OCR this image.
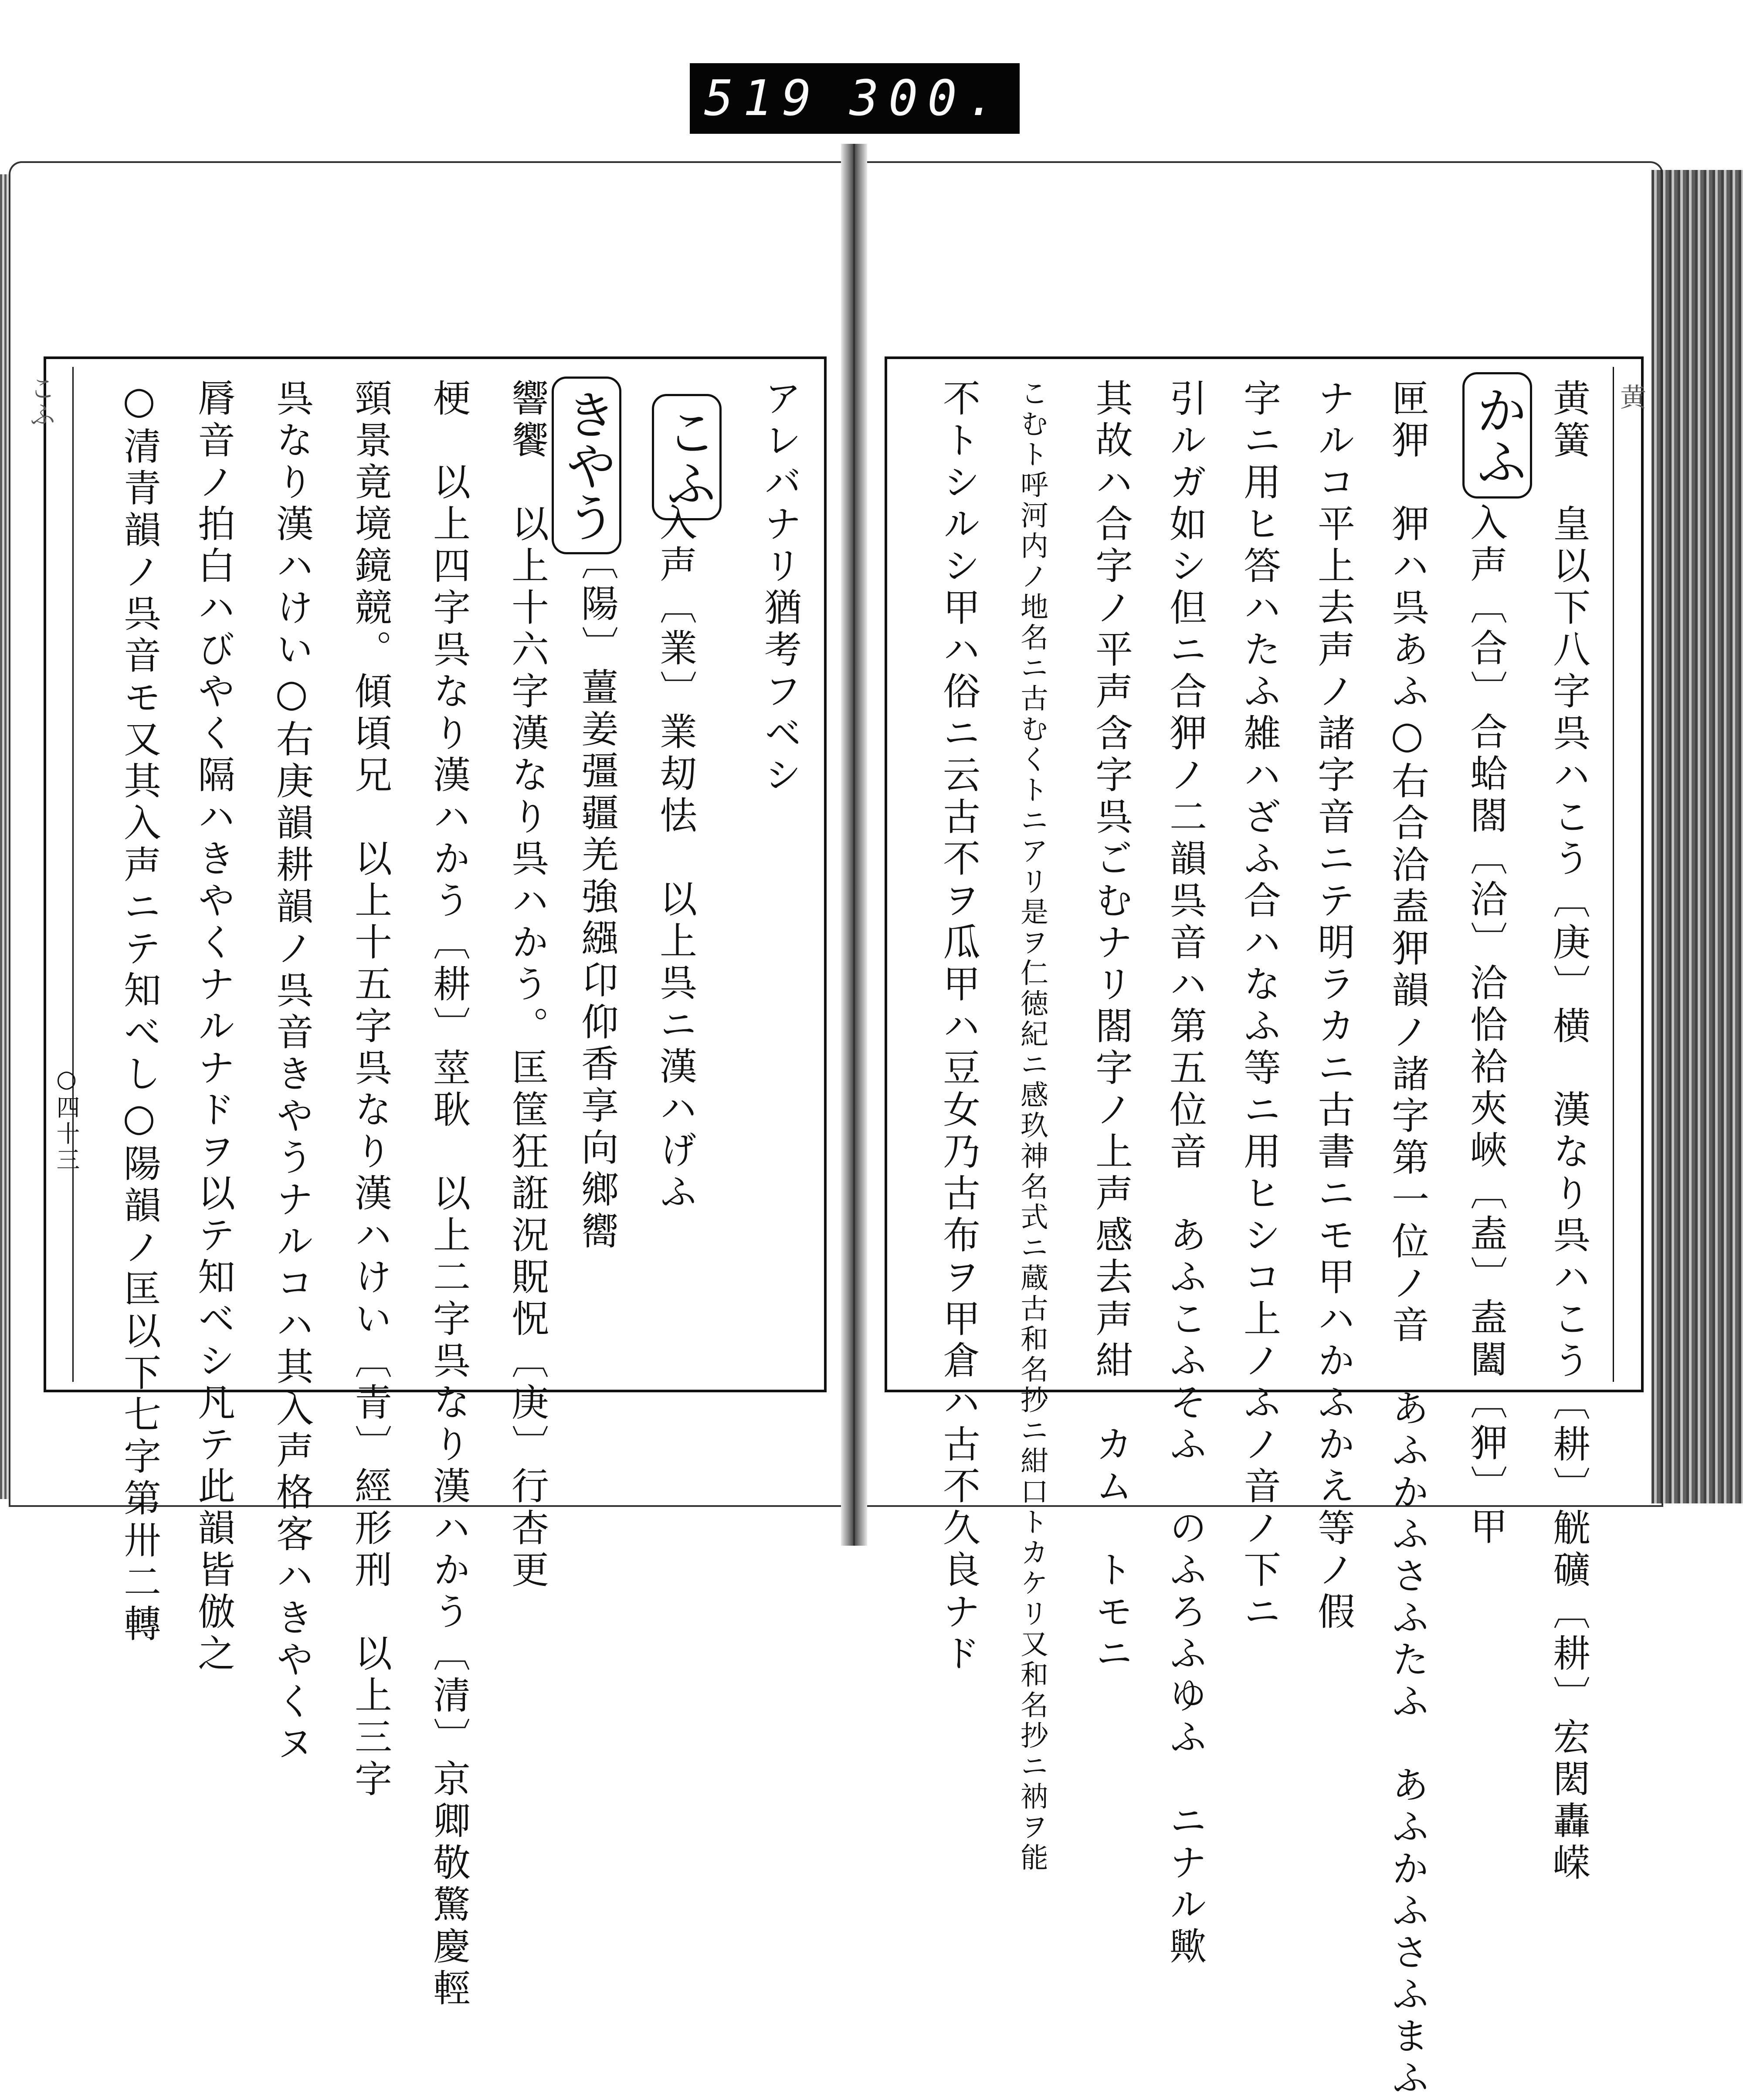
519 300.
アレバナリ猶考フベシ
こふ
きやう
入声〔業〕業刧怯　以上呉ニ漢ハげふ
〔陽〕薑姜彊疆羌強繦卬仰香享向鄉嚮
響饗　以上十六字漢なり呉ハかう。匡筐狂誑況貺怳〔庚〕行杏更
梗　以上四字呉なり漢ハかう〔耕〕莖耿　以上二字呉なり漢ハかう〔清〕京卿敬驚慶輕
頸景竟境鏡競。傾頃兄　以上十五字呉なり漢ハけい〔青〕經形刑　以上三字
呉なり漢ハけい○右庚韻耕韻ノ呉音きやうナルコハ其入声格客ハきやくヌ
脣音ノ拍白ハびやく隔ハきやくナルナドヲ以テ知ベシ凡テ此韻皆倣之
○清青韻ノ呉音モ又其入声ニテ知べし○陽韻ノ匡以下七字第卅二轉
○四十三	黄簧　皇以下八字呉ハこう〔庚〕横　漢なり呉ハこう〔耕〕觥礦〔耕〕宏閎轟嵘
かふ
入声〔合〕合蛤閤〔洽〕洽恰袷夾峽〔盍〕盍闔〔狎〕甲
匣狎　狎ハ呉あふ○右合洽盍狎韻ノ諸字第一位ノ音　あふかふさふたふ　あふかふさふまふ
ナルコ平上去声ノ諸字音ニテ明ラカニ古書ニモ甲ハかふかえ等ノ假
字ニ用ヒ答ハたふ雑ハざふ合ハなふ等ニ用ヒシコ上ノふノ音ノ下ニ
引ルガ如シ但ニ合狎ノ二韻呉音ハ第五位音　あふこふそふ　のふろふゆふ　ニナル歟
其故ハ合字ノ平声含字呉ごむナリ閤字ノ上声感去声紺　カム　トモニ
こむト呼河内ノ地名ニ古むくトニアリ是ヲ仁徳紀ニ感玖神名式ニ蔵古和名抄ニ紺口トカケリ又和名抄ニ衲ヲ能
不トシルシ甲ハ俗ニ云古不ヲ瓜甲ハ豆女乃古布ヲ甲倉ハ古不久良ナド
こふ	黄
